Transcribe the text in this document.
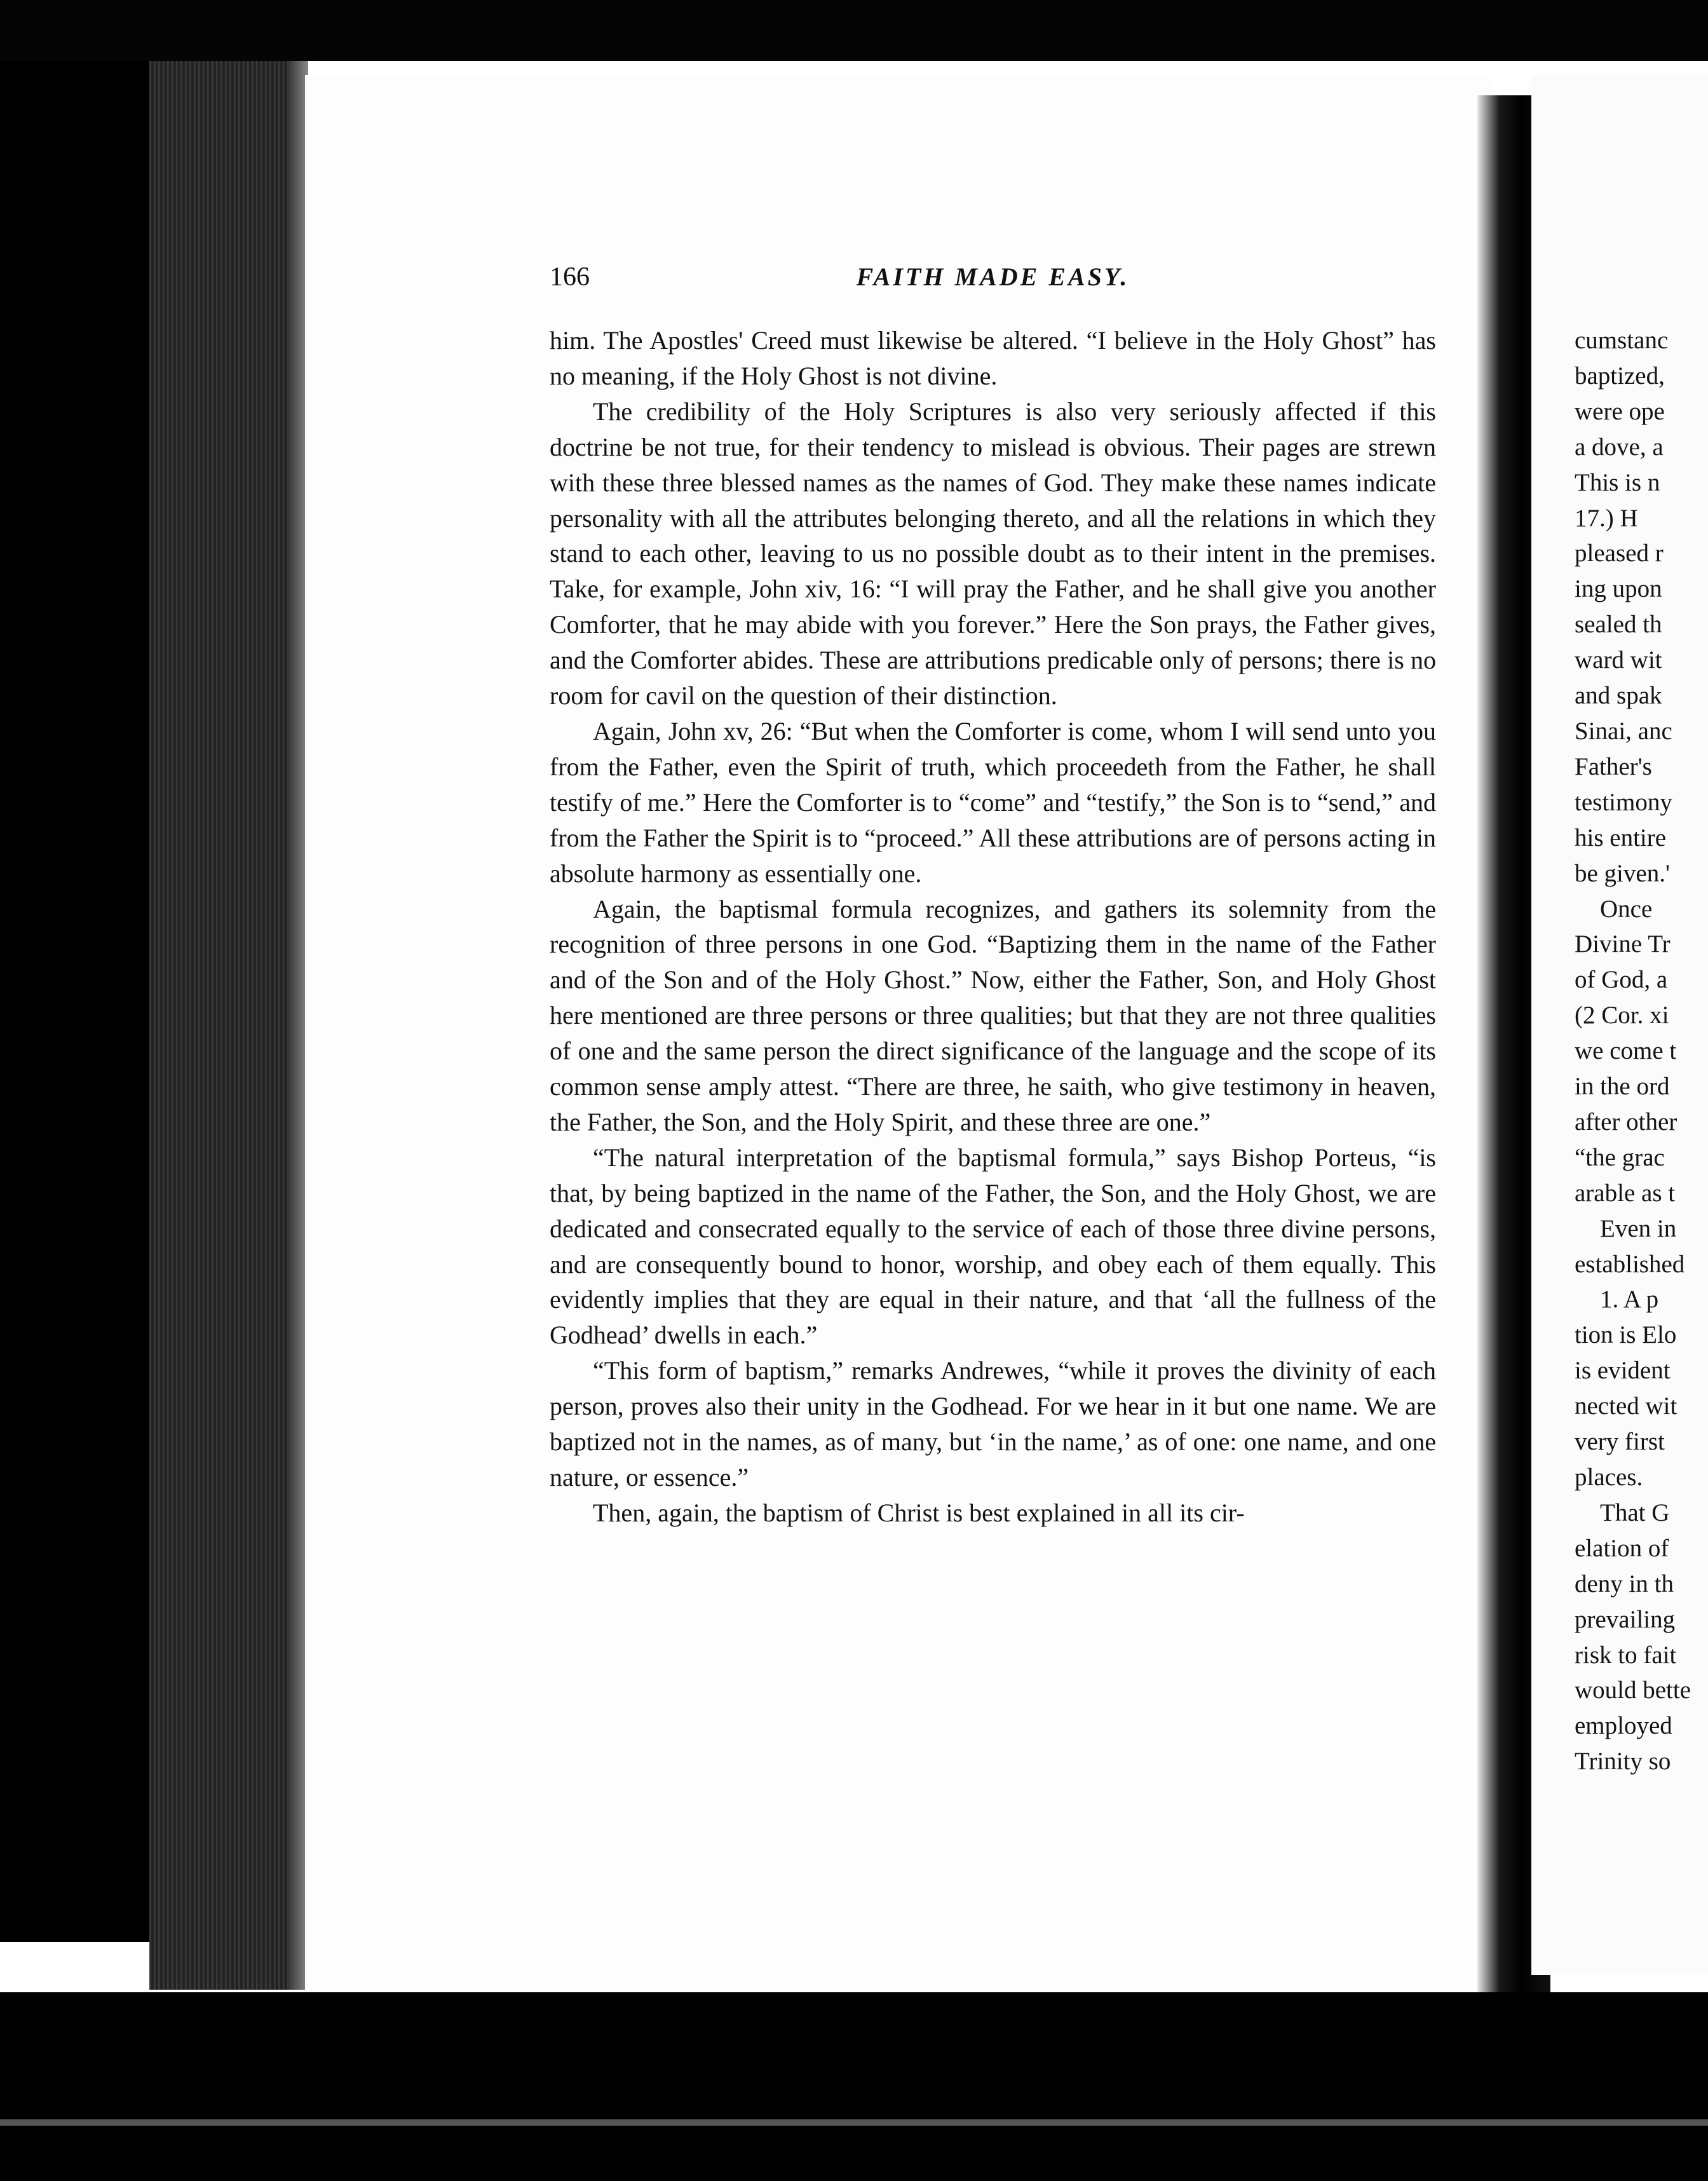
166	FAITH MADE EASY.

him. The Apostles' Creed must likewise be altered. “I believe in the Holy Ghost” has no meaning, if the Holy Ghost is not divine.

The credibility of the Holy Scriptures is also very seriously affected if this doctrine be not true, for their tendency to mislead is obvious. Their pages are strewn with these three blessed names as the names of God. They make these names indicate personality with all the attributes belonging thereto, and all the relations in which they stand to each other, leaving to us no possible doubt as to their intent in the premises. Take, for example, John xiv, 16: “I will pray the Father, and he shall give you another Comforter, that he may abide with you forever.” Here the Son prays, the Father gives, and the Comforter abides. These are attributions predicable only of persons; there is no room for cavil on the question of their distinction.

Again, John xv, 26: “But when the Comforter is come, whom I will send unto you from the Father, even the Spirit of truth, which proceedeth from the Father, he shall testify of me.” Here the Comforter is to “come” and “testify,” the Son is to “send,” and from the Father the Spirit is to “proceed.” All these attributions are of persons acting in absolute harmony as essentially one.

Again, the baptismal formula recognizes, and gathers its solemnity from the recognition of three persons in one God. “Baptizing them in the name of the Father and of the Son and of the Holy Ghost.” Now, either the Father, Son, and Holy Ghost here mentioned are three persons or three qualities; but that they are not three qualities of one and the same person the direct significance of the language and the scope of its common sense amply attest. “There are three, he saith, who give testimony in heaven, the Father, the Son, and the Holy Spirit, and these three are one.”

“The natural interpretation of the baptismal formula,” says Bishop Porteus, “is that, by being baptized in the name of the Father, the Son, and the Holy Ghost, we are dedicated and consecrated equally to the service of each of those three divine persons, and are consequently bound to honor, worship, and obey each of them equally. This evidently implies that they are equal in their nature, and that ‘all the fullness of the Godhead’ dwells in each.”

“This form of baptism,” remarks Andrewes, “while it proves the divinity of each person, proves also their unity in the Godhead. For we hear in it but one name. We are baptized not in the names, as of many, but ‘in the name,’ as of one: one name, and one nature, or essence.”

Then, again, the baptism of Christ is best explained in all its cir-

cumstanc
baptized,
were ope
a dove, a
This is n
17.) H
pleased r
ing upon
sealed th
ward wit
and spak
Sinai, anc
Father's
testimony
his entire
be given.'
Once
Divine Tr
of God, a
(2 Cor. xi
we come t
in the ord
after other
“the grac
arable as t
Even in
established
1. A p
tion is Elo
is evident
nected wit
very first
places.
That G
elation of
deny in th
prevailing
risk to fait
would bette
employed
Trinity so
